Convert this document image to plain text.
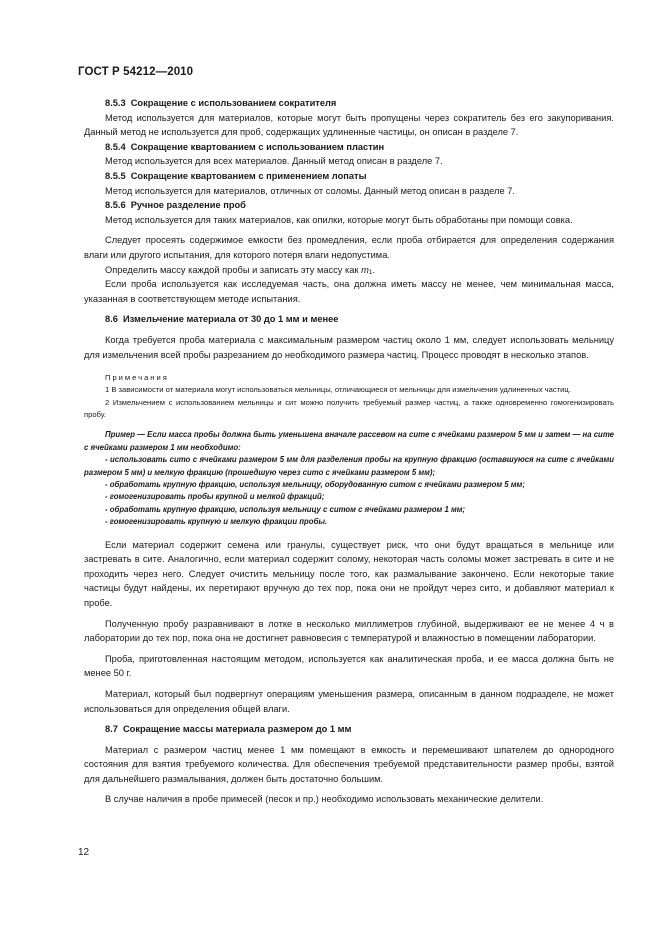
ГОСТ Р 54212—2010

8.5.3 Сокращение с использованием сократителя

Метод используется для материалов, которые могут быть пропущены через сократитель без его закупоривания. Данный метод не используется для проб, содержащих удлиненные частицы, он описан в разделе 7.

8.5.4 Сокращение квартованием с использованием пластин

Метод используется для всех материалов. Данный метод описан в разделе 7.

8.5.5 Сокращение квартованием с применением лопаты

Метод используется для материалов, отличных от соломы. Данный метод описан в разделе 7.

8.5.6 Ручное разделение проб

Метод используется для таких материалов, как опилки, которые могут быть обработаны при помощи совка.

Следует просеять содержимое емкости без промедления, если проба отбирается для определения содержания влаги или другого испытания, для которого потеря влаги недопустима.

Определить массу каждой пробы и записать эту массу как $m_1$.

Если проба используется как исследуемая часть, она должна иметь массу не менее, чем минимальная масса, указанная в соответствующем методе испытания.

8.6 Измельчение материала от 30 до 1 мм и менее

Когда требуется проба материала с максимальным размером частиц около 1 мм, следует использовать мельницу для измельчения всей пробы разрезанием до необходимого размера частиц. Процесс проводят в несколько этапов.

Примечания

1 В зависимости от материала могут использоваться мельницы, отличающиеся от мельницы для измельчения удлиненных частиц.

2 Измельчением с использованием мельницы и сит можно получить требуемый размер частиц, а также одновременно гомогенизировать пробу.

Пример — Если масса пробы должна быть уменьшена вначале рассевом на сите с ячейками размером 5 мм и затем — на сите с ячейками размером 1 мм необходимо:

- использовать сито с ячейками размером 5 мм для разделения пробы на крупную фракцию (оставшуюся на сите с ячейками размером 5 мм) и мелкую фракцию (прошедшую через сито с ячейками размером 5 мм);

- обработать крупную фракцию, используя мельницу, оборудованную ситом с ячейками размером 5 мм;

- гомогенизировать пробы крупной и мелкой фракций;

- обработать крупную фракцию, используя мельницу с ситом с ячейками размером 1 мм;

- гомогенизировать крупную и мелкую фракции пробы.

Если материал содержит семена или гранулы, существует риск, что они будут вращаться в мельнице или застревать в сите. Аналогично, если материал содержит солому, некоторая часть соломы может застревать в сите и не проходить через него. Следует очистить мельницу после того, как размалывание закончено. Если некоторые такие частицы будут найдены, их перетирают вручную до тех пор, пока они не пройдут через сито, и добавляют материал к пробе.

Полученную пробу разравнивают в лотке в несколько миллиметров глубиной, выдерживают ее не менее 4 ч в лаборатории до тех пор, пока она не достигнет равновесия с температурой и влажностью в помещении лаборатории.

Проба, приготовленная настоящим методом, используется как аналитическая проба, и ее масса должна быть не менее 50 г.

Материал, который был подвергнут операциям уменьшения размера, описанным в данном подразделе, не может использоваться для определения общей влаги.

8.7 Сокращение массы материала размером до 1 мм

Материал с размером частиц менее 1 мм помещают в емкость и перемешивают шпателем до однородного состояния для взятия требуемого количества. Для обеспечения требуемой представительности размер пробы, взятой для дальнейшего размалывания, должен быть достаточно большим.

В случае наличия в пробе примесей (песок и пр.) необходимо использовать механические делители.

12
